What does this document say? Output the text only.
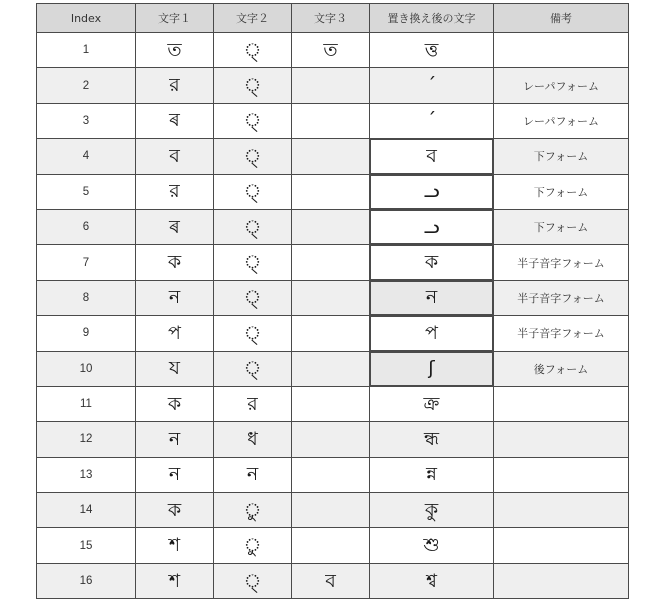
Index	文字１	文字２	文字３	置き換え後の文字	備考
1	ত	্	ত	ত্ত	
2	র	্		ˊ	レーパフォーム
3	ৰ	্		ˊ	レーパフォーム
4	ব	্		ব	下フォーム
5	র	্		ᓗ	下フォーム
6	ৰ	্		ᓗ	下フォーム
7	ক	্		ক	半子音字フォーム
8	ন	্		ন	半子音字フォーム
9	প	্		প	半子音字フォーム
10	য	্		ʃ	後フォーム
11	ক	র		ক্র	
12	ন	ধ		ন্ধ	
13	ন	ন		ন্ন	
14	ক	ু		কু	
15	শ	ু		শু	
16	শ	্	ব	শ্ব	
